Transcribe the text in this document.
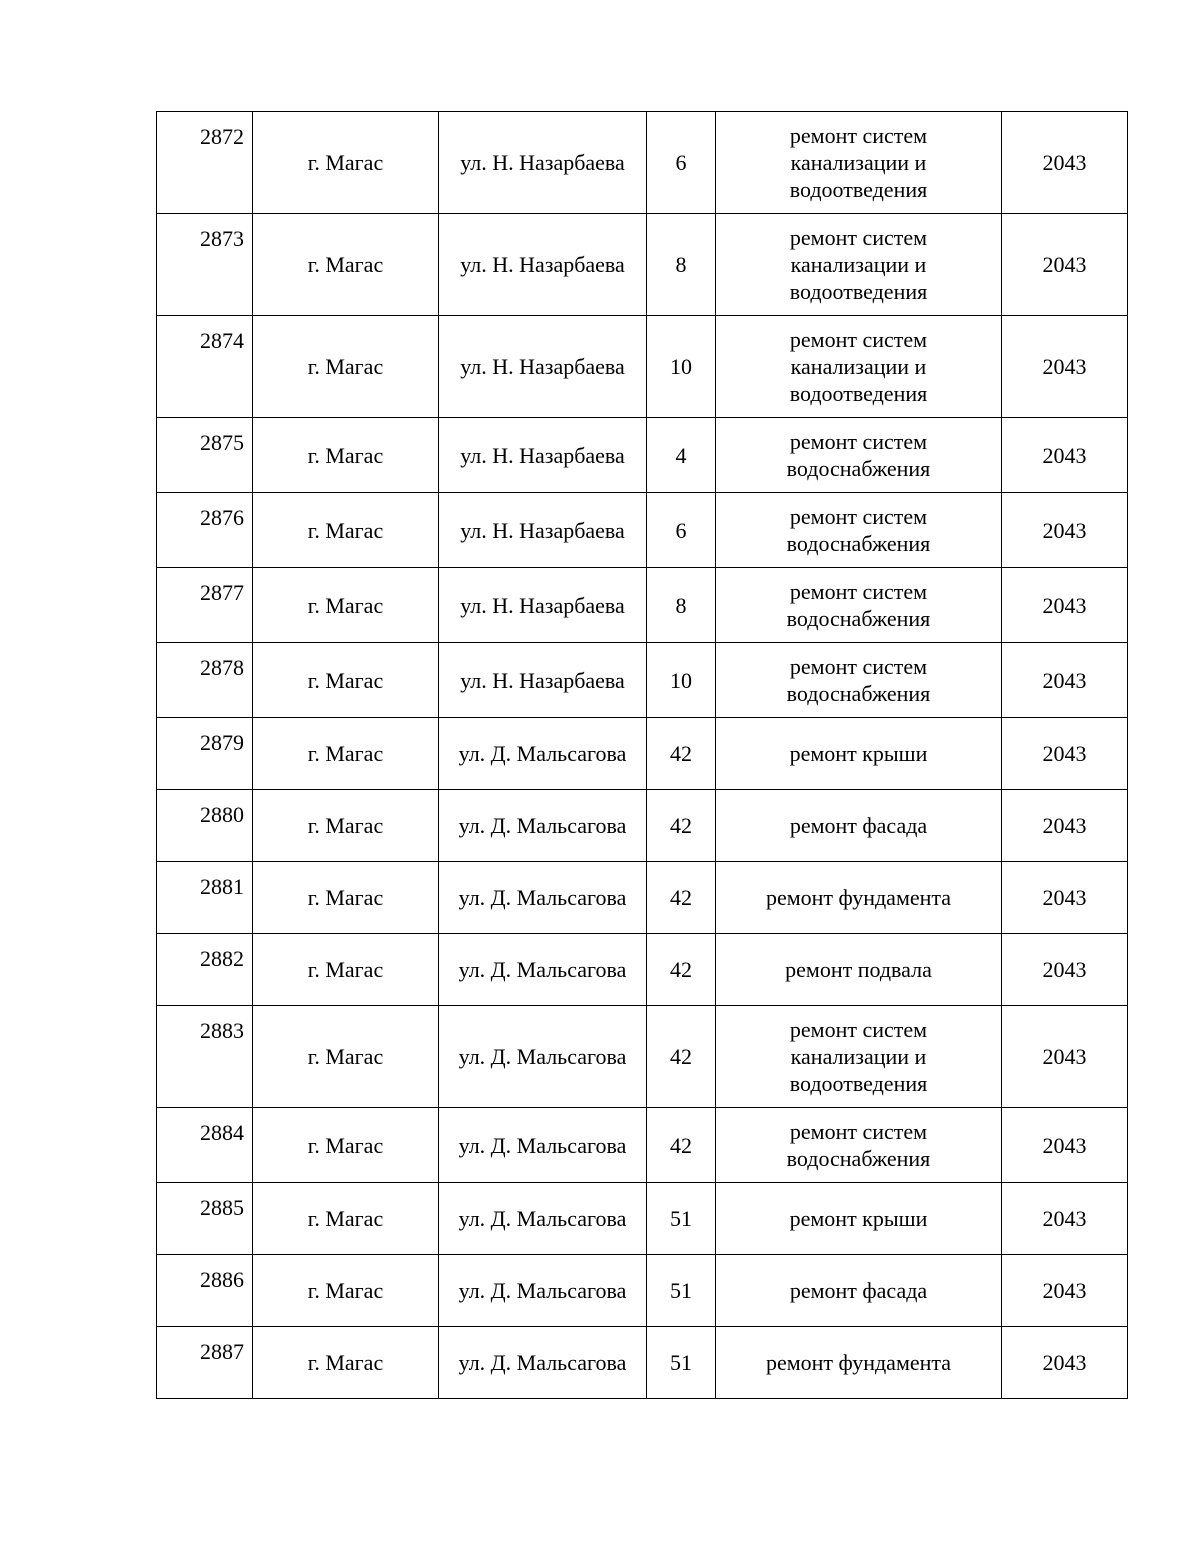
2872	г. Магас	ул. Н. Назарбаева	6	ремонт систем
канализации и
водоотведения	2043
2873	г. Магас	ул. Н. Назарбаева	8	ремонт систем
канализации и
водоотведения	2043
2874	г. Магас	ул. Н. Назарбаева	10	ремонт систем
канализации и
водоотведения	2043
2875	г. Магас	ул. Н. Назарбаева	4	ремонт систем
водоснабжения	2043
2876	г. Магас	ул. Н. Назарбаева	6	ремонт систем
водоснабжения	2043
2877	г. Магас	ул. Н. Назарбаева	8	ремонт систем
водоснабжения	2043
2878	г. Магас	ул. Н. Назарбаева	10	ремонт систем
водоснабжения	2043
2879	г. Магас	ул. Д. Мальсагова	42	ремонт крыши	2043
2880	г. Магас	ул. Д. Мальсагова	42	ремонт фасада	2043
2881	г. Магас	ул. Д. Мальсагова	42	ремонт фундамента	2043
2882	г. Магас	ул. Д. Мальсагова	42	ремонт подвала	2043
2883	г. Магас	ул. Д. Мальсагова	42	ремонт систем
канализации и
водоотведения	2043
2884	г. Магас	ул. Д. Мальсагова	42	ремонт систем
водоснабжения	2043
2885	г. Магас	ул. Д. Мальсагова	51	ремонт крыши	2043
2886	г. Магас	ул. Д. Мальсагова	51	ремонт фасада	2043
2887	г. Магас	ул. Д. Мальсагова	51	ремонт фундамента	2043
